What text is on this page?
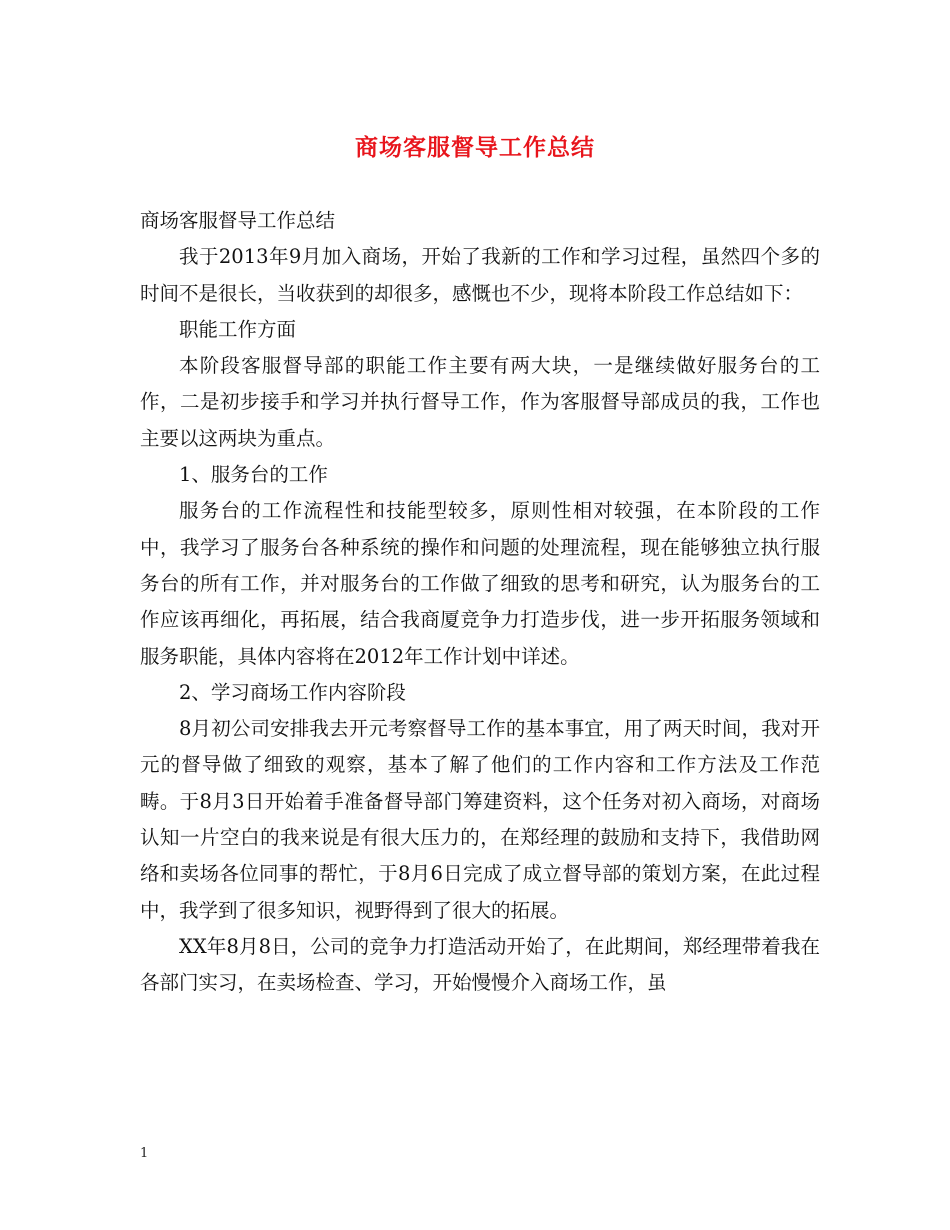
商场客服督导工作总结

商场客服督导工作总结

我于2013年9月加入商场，开始了我新的工作和学习过程，虽然四个多的时间不是很长，当收获到的却很多，感慨也不少，现将本阶段工作总结如下：

职能工作方面

本阶段客服督导部的职能工作主要有两大块，一是继续做好服务台的工作，二是初步接手和学习并执行督导工作，作为客服督导部成员的我，工作也主要以这两块为重点。

1、服务台的工作

服务台的工作流程性和技能型较多，原则性相对较强，在本阶段的工作中，我学习了服务台各种系统的操作和问题的处理流程，现在能够独立执行服务台的所有工作，并对服务台的工作做了细致的思考和研究，认为服务台的工作应该再细化，再拓展，结合我商厦竞争力打造步伐，进一步开拓服务领域和服务职能，具体内容将在2012年工作计划中详述。

2、学习商场工作内容阶段

8月初公司安排我去开元考察督导工作的基本事宜，用了两天时间，我对开元的督导做了细致的观察，基本了解了他们的工作内容和工作方法及工作范畴。于8月3日开始着手准备督导部门筹建资料，这个任务对初入商场，对商场认知一片空白的我来说是有很大压力的，在郑经理的鼓励和支持下，我借助网络和卖场各位同事的帮忙，于8月6日完成了成立督导部的策划方案，在此过程中，我学到了很多知识，视野得到了很大的拓展。

XX年8月8日，公司的竞争力打造活动开始了，在此期间，郑经理带着我在各部门实习，在卖场检查、学习，开始慢慢介入商场工作，虽

1
